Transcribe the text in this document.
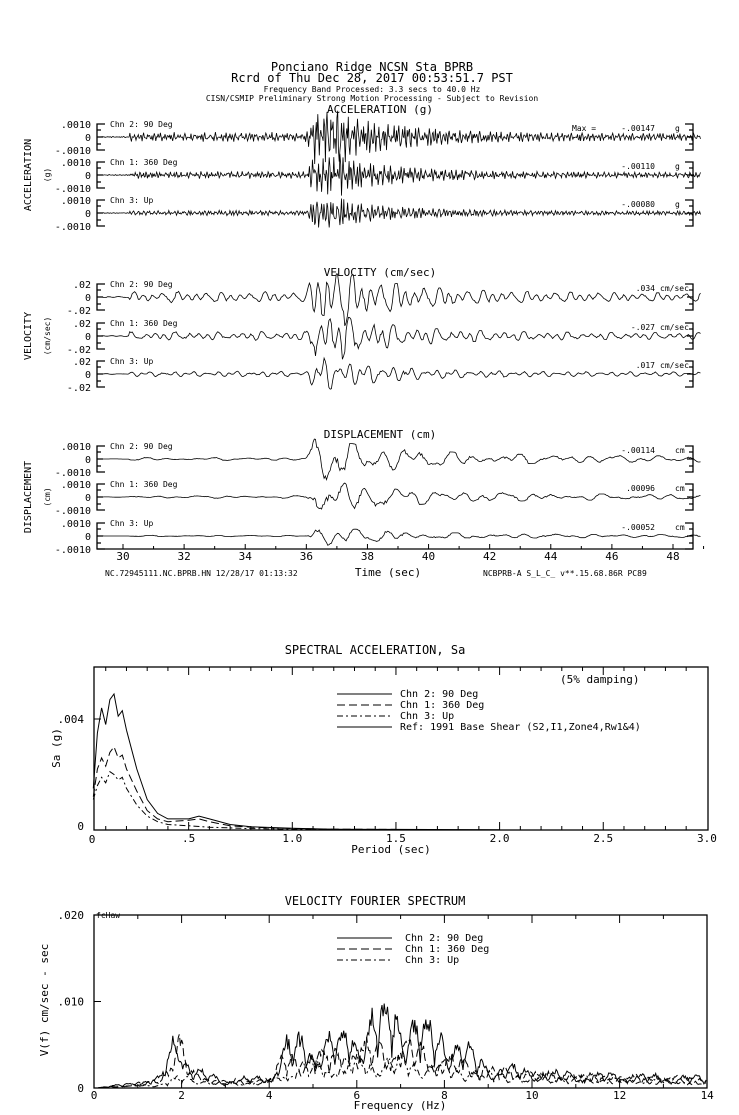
Ponciano Ridge NCSN Sta BPRB
Rcrd of Thu Dec 28, 2017 00:53:51.7 PST
Frequency Band Processed: 3.3 secs to 40.0 Hz
CISN/CSMIP Preliminary Strong Motion Processing - Subject to Revision
ACCELERATION (g)
ACCELERATION (g)
.0010
0
-.0010
Chn 2: 90 Deg	Max =	-.00147	g
.0010
0
-.0010
Chn 1: 360 Deg	-.00110	g
.0010
0
-.0010
Chn 3: Up	-.00080	g
VELOCITY (cm/sec)
VELOCITY (cm/sec)
.02
0
-.02
Chn 2: 90 Deg	.034 cm/sec
.02
0
-.02
Chn 1: 360 Deg	-.027 cm/sec
.02
0
-.02
Chn 3: Up	.017 cm/sec
DISPLACEMENT (cm)
DISPLACEMENT (cm)
.0010
0
-.0010
Chn 2: 90 Deg	-.00114	cm
.0010
0
-.0010
Chn 1: 360 Deg	.00096	cm
.0010
0
-.0010
Chn 3: Up	-.00052	cm
30	32	34	36	38	40	42	44	46	48
Time (sec)
NC.72945111.NC.BPRB.HN 12/28/17 01:13:32	NCBPRB-A S_L_C_ v**.15.68.86R PC89
SPECTRAL ACCELERATION, Sa
.5	1.0	1.5	2.0	2.5	3.0
0
0
.004
Chn 2: 90 Deg
Chn 1: 360 Deg
Chn 3: Up
Ref: 1991 Base Shear (S2,I1,Zone4,Rw1&4)
(5% damping)
Period (sec)
Sa (g)
VELOCITY FOURIER SPECTRUM
fcHaw
0	2	4	6	8	10	12	14
0
.010
.020
Chn 2: 90 Deg
Chn 1: 360 Deg
Chn 3: Up
Frequency (Hz)
V(f) cm/sec - sec
